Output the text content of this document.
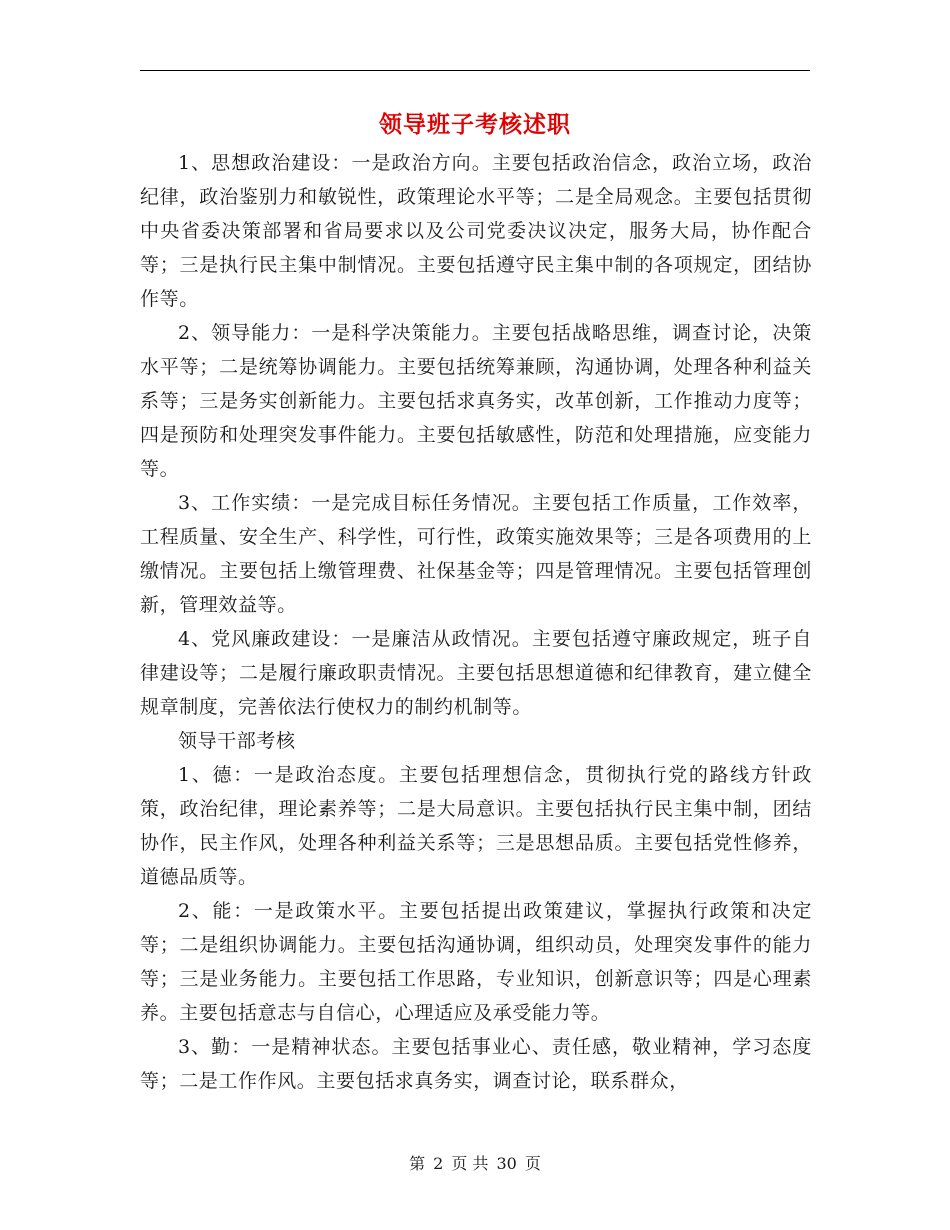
领导班子考核述职

1、思想政治建设：一是政治方向。主要包括政治信念，政治立场，政治纪律，政治鉴别力和敏锐性，政策理论水平等；二是全局观念。主要包括贯彻中央省委决策部署和省局要求以及公司党委决议决定，服务大局，协作配合等；三是执行民主集中制情况。主要包括遵守民主集中制的各项规定，团结协作等。

2、领导能力：一是科学决策能力。主要包括战略思维，调查讨论，决策水平等；二是统筹协调能力。主要包括统筹兼顾，沟通协调，处理各种利益关系等；三是务实创新能力。主要包括求真务实，改革创新，工作推动力度等；四是预防和处理突发事件能力。主要包括敏感性，防范和处理措施，应变能力等。

3、工作实绩：一是完成目标任务情况。主要包括工作质量，工作效率，工程质量、安全生产、科学性，可行性，政策实施效果等；三是各项费用的上缴情况。主要包括上缴管理费、社保基金等；四是管理情况。主要包括管理创新，管理效益等。

4、党风廉政建设：一是廉洁从政情况。主要包括遵守廉政规定，班子自律建设等；二是履行廉政职责情况。主要包括思想道德和纪律教育，建立健全规章制度，完善依法行使权力的制约机制等。

领导干部考核

1、德：一是政治态度。主要包括理想信念，贯彻执行党的路线方针政策，政治纪律，理论素养等；二是大局意识。主要包括执行民主集中制，团结协作，民主作风，处理各种利益关系等；三是思想品质。主要包括党性修养，道德品质等。

2、能：一是政策水平。主要包括提出政策建议，掌握执行政策和决定等；二是组织协调能力。主要包括沟通协调，组织动员，处理突发事件的能力等；三是业务能力。主要包括工作思路，专业知识，创新意识等；四是心理素养。主要包括意志与自信心，心理适应及承受能力等。

3、勤：一是精神状态。主要包括事业心、责任感，敬业精神，学习态度等；二是工作作风。主要包括求真务实，调查讨论，联系群众，

第 2 页 共 30 页
